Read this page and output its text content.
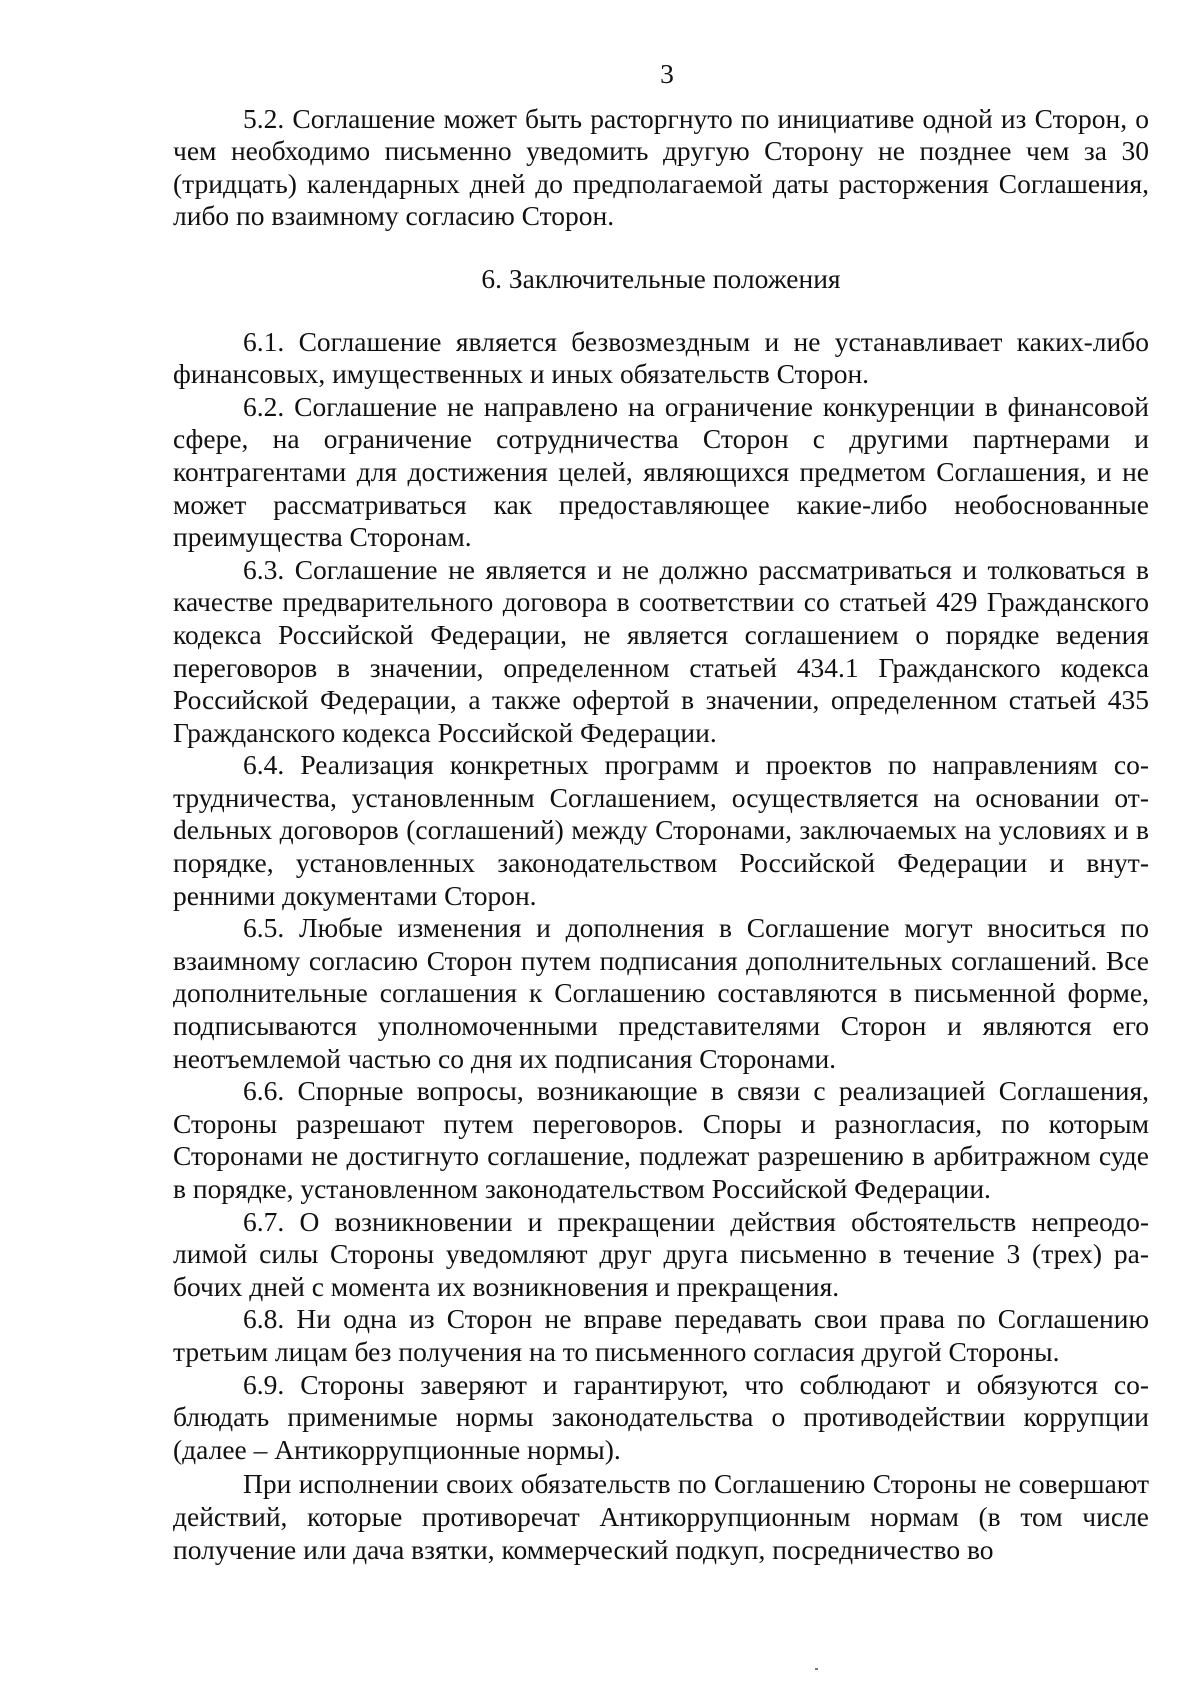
3

5.2. Соглашение может быть расторгнуто по инициативе одной из Сторон, о чем необходимо письменно уведомить другую Сторону не позднее чем за 30 (тридцать) календарных дней до предполагаемой даты расторжения Соглашения, либо по взаимному согласию Сторон.

6. Заключительные положения

6.1. Соглашение является безвозмездным и не устанавливает каких-либо финансовых, имущественных и иных обязательств Сторон.

6.2. Соглашение не направлено на ограничение конкуренции в финансовой сфере, на ограничение сотрудничества Сторон с другими партнерами и контрагентами для достижения целей, являющихся предметом Соглашения, и не может рассматриваться как предоставляющее какие-либо необоснованные преимущества Сторонам.

6.3. Соглашение не является и не должно рассматриваться и толковаться в качестве предварительного договора в соответствии со статьей 429 Гражданского кодекса Российской Федерации, не является соглашением о порядке ведения переговоров в значении, определенном статьей 434.1 Гражданского кодекса Российской Федерации, а также офертой в значении, определенном статьей 435 Гражданского кодекса Российской Федерации.

6.4. Реализация конкретных программ и проектов по направлениям сотрудничества, установленным Соглашением, осуществляется на основании отdельных договоров (соглашений) между Сторонами, заключаемых на условиях и в порядке, установленных законодательством Российской Федерации и внутренними документами Сторон.

6.5. Любые изменения и дополнения в Соглашение могут вноситься по взаимному согласию Сторон путем подписания дополнительных соглашений. Все дополнительные соглашения к Соглашению составляются в письменной форме, подписываются уполномоченными представителями Сторон и являются его неотъемлемой частью со дня их подписания Сторонами.

6.6. Спорные вопросы, возникающие в связи с реализацией Соглашения, Стороны разрешают путем переговоров. Споры и разногласия, по которым Сторонами не достигнуто соглашение, подлежат разрешению в арбитражном суде в порядке, установленном законодательством Российской Федерации.

6.7. О возникновении и прекращении действия обстоятельств непреодолимой силы Стороны уведомляют друг друга письменно в течение 3 (трех) рабочих дней с момента их возникновения и прекращения.

6.8. Ни одна из Сторон не вправе передавать свои права по Соглашению третьим лицам без получения на то письменного согласия другой Стороны.

6.9. Стороны заверяют и гарантируют, что соблюдают и обязуются соблюдать применимые нормы законодательства о противодействии коррупции (далее – Антикоррупционные нормы).

При исполнении своих обязательств по Соглашению Стороны не совершают действий, которые противоречат Антикоррупционным нормам (в том числе получение или дача взятки, коммерческий подкуп, посредничество во
